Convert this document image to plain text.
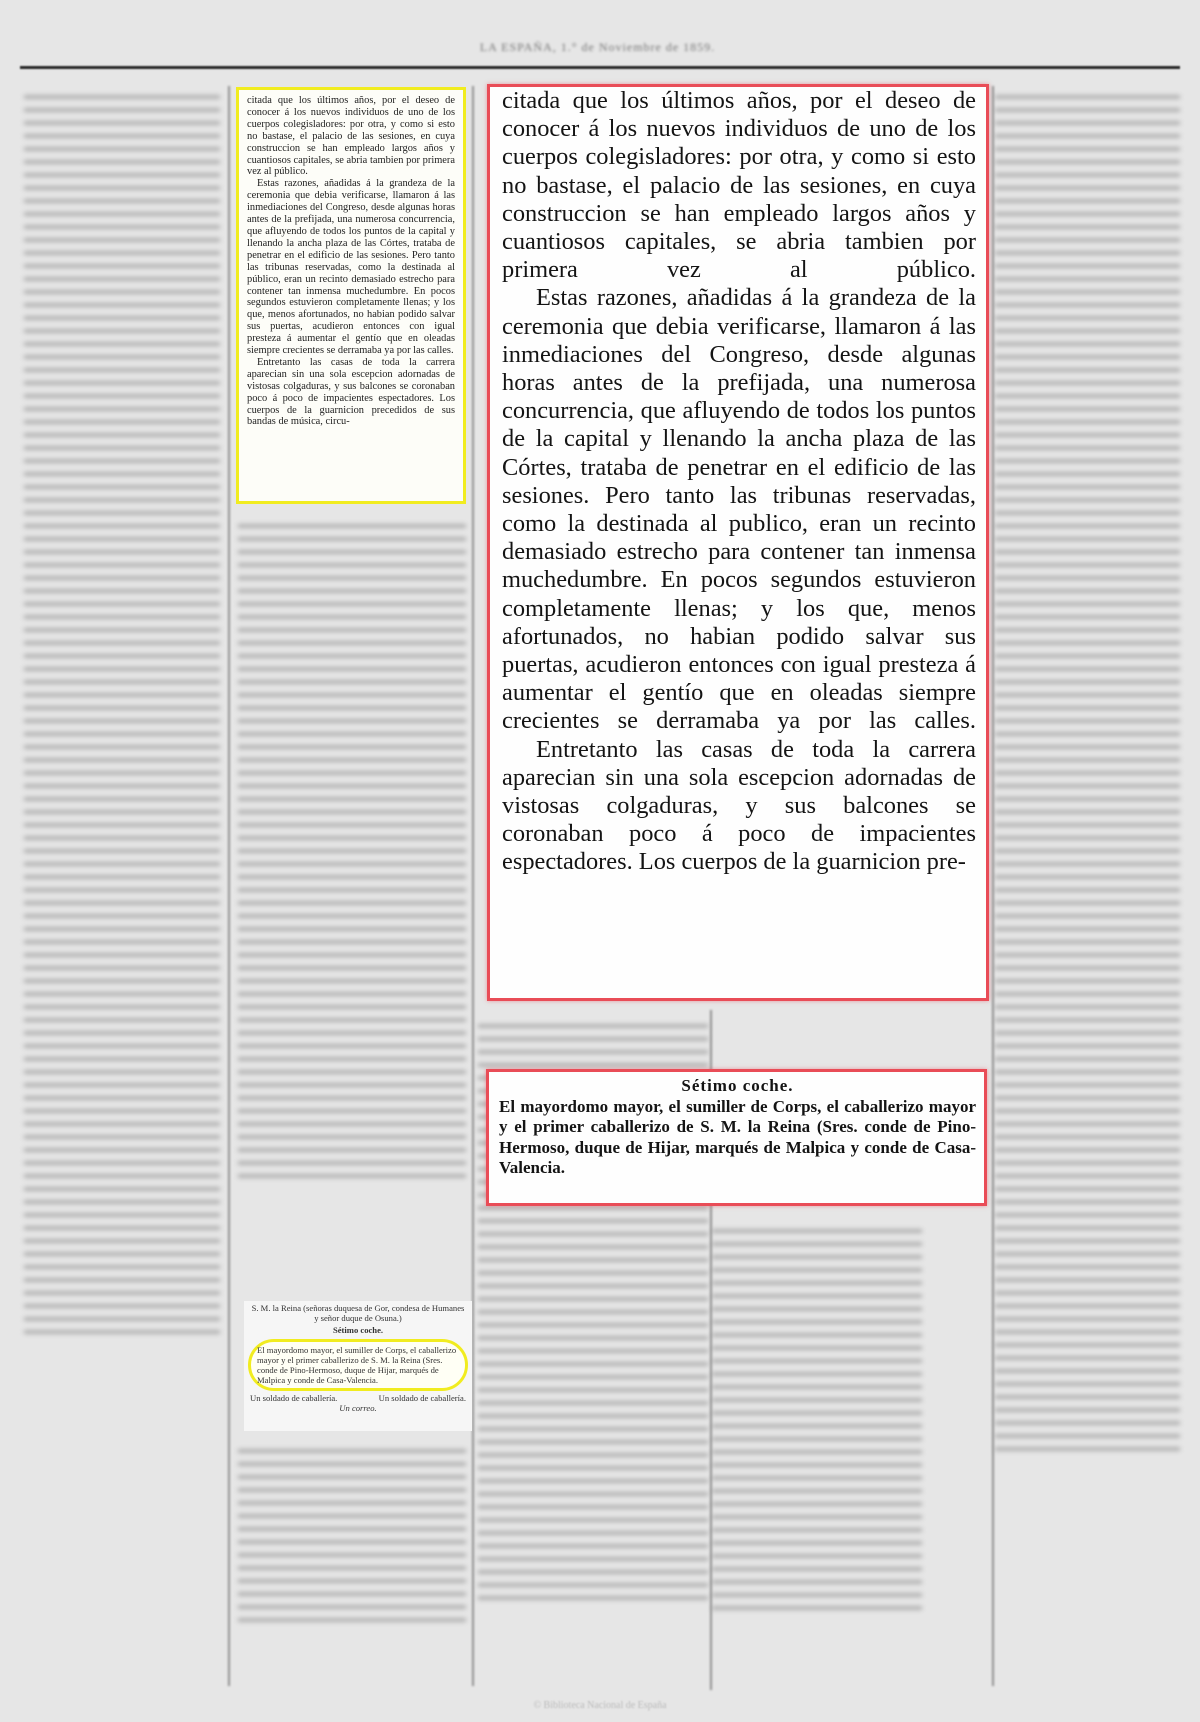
LA ESPAÑA, 1.° de Noviembre de 1859.

citada que los últimos años, por el deseo de conocer á los nuevos individuos de uno de los cuerpos colegisladores: por otra, y como si esto no bastase, el palacio de las sesiones, en cuya construccion se han empleado largos años y cuantiosos capitales, se abria tambien por primera vez al público.

Estas razones, añadidas á la grandeza de la ceremonia que debia verificarse, llamaron á las inmediaciones del Congreso, desde algunas horas antes de la prefijada, una numerosa concurrencia, que afluyendo de todos los puntos de la capital y llenando la ancha plaza de las Córtes, trataba de penetrar en el edificio de las sesiones. Pero tanto las tribunas reservadas, como la destinada al público, eran un recinto demasiado estrecho para contener tan inmensa muchedumbre. En pocos segundos estuvieron completamente llenas; y los que, menos afortunados, no habian podido salvar sus puertas, acudieron entonces con igual presteza á aumentar el gentío que en oleadas siempre crecientes se derramaba ya por las calles.

Entretanto las casas de toda la carrera aparecian sin una sola escepcion adornadas de vistosas colgaduras, y sus balcones se coronaban poco á poco de impacientes espectadores. Los cuerpos de la guarnicion precedidos de sus bandas de música, circu-

citada que los últimos años, por el deseo de conocer á los nuevos individuos de uno de los cuerpos colegisladores: por otra, y como si esto no bastase, el palacio de las sesiones, en cuya construccion se han empleado largos años y cuantiosos capitales, se abria tambien por primera vez al público.

Estas razones, añadidas á la grandeza de la ceremonia que debia verificarse, llamaron á las inmediaciones del Congreso, desde algunas horas antes de la prefijada, una numerosa concurrencia, que afluyendo de todos los puntos de la capital y llenando la ancha plaza de las Córtes, trataba de penetrar en el edificio de las sesiones. Pero tanto las tribunas reservadas, como la destinada al publico, eran un recinto demasiado estrecho para contener tan inmensa muchedumbre. En pocos segundos estuvieron completamente llenas; y los que, menos afortunados, no habian podido salvar sus puertas, acudieron entonces con igual presteza á aumentar el gentío que en oleadas siempre crecientes se derramaba ya por las calles.

Entretanto las casas de toda la carrera aparecian sin una sola escepcion adornadas de vistosas colgaduras, y sus balcones se coronaban poco á poco de impacientes espectadores. Los cuerpos de la guarnicion pre-

S. M. la Reina (señoras duquesa de Gor, condesa de Humanes y señor duque de Osuna.)
Sétimo coche.
El mayordomo mayor, el sumiller de Corps, el caballerizo mayor y el primer caballerizo de S. M. la Reina (Sres. conde de Pino-Hermoso, duque de Hijar, marqués de Malpica y conde de Casa-Valencia.
Un soldado de caballería.	Un soldado de caballería.
Un correo.
Sétimo coche.
El mayordomo mayor, el sumiller de Corps, el caballerizo mayor y el primer caballerizo de S. M. la Reina (Sres. conde de Pino-Hermoso, duque de Hijar, marqués de Malpica y conde de Casa-Valencia.
© Biblioteca Nacional de España
